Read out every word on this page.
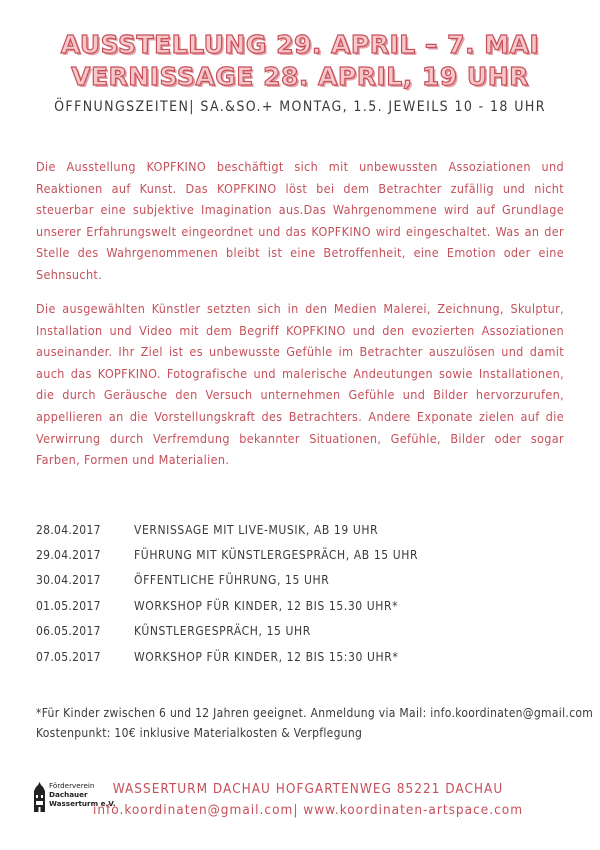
AUSSTELLUNG 29. APRIL – 7. MAI
VERNISSAGE 28. APRIL, 19 UHR
ÖFFNUNGSZEITEN| SA.&SO.+ MONTAG, 1.5. JEWEILS 10 - 18 UHR

Die Ausstellung KOPFKINO beschäftigt sich mit unbewussten Assoziationen und Reaktionen auf Kunst. Das KOPFKINO löst bei dem Betrachter zufällig und nicht steuerbar eine subjektive Imagination aus.Das Wahrgenommene wird auf Grundlage unserer Erfahrungswelt eingeordnet und das KOPFKINO wird eingeschaltet. Was an der Stelle des Wahrgenommenen bleibt ist eine Betroffenheit, eine Emotion oder eine Sehnsucht.

Die ausgewählten Künstler setzten sich in den Medien Malerei, Zeichnung, Skulptur, Installation und Video mit dem Begriff KOPFKINO und den evozierten Assoziationen auseinander. Ihr Ziel ist es unbewusste Gefühle im Betrachter auszulösen und damit auch das KOPFKINO. Fotografische und malerische Andeutungen sowie Installationen, die durch Geräusche den Versuch unternehmen Gefühle und Bilder hervorzurufen, appellieren an die Vorstellungskraft des Betrachters. Andere Exponate zielen auf die Verwirrung durch Verfremdung bekannter Situationen, Gefühle, Bilder oder sogar Farben, Formen und Materialien.

28.04.2017	VERNISSAGE MIT LIVE-MUSIK, AB 19 UHR
29.04.2017	FÜHRUNG MIT KÜNSTLERGESPRÄCH, AB 15 UHR
30.04.2017	ÖFFENTLICHE FÜHRUNG, 15 UHR
01.05.2017	WORKSHOP FÜR KINDER, 12 BIS 15.30 UHR*
06.05.2017	KÜNSTLERGESPRÄCH, 15 UHR
07.05.2017	WORKSHOP FÜR KINDER, 12 BIS 15:30 UHR*
*Für Kinder zwischen 6 und 12 Jahren geeignet. Anmeldung via Mail: info.koordinaten@gmail.com
Kostenpunkt: 10€ inklusive Materialkosten & Verpflegung
Förderverein
Dachauer
Wasserturm e.V.
WASSERTURM DACHAU HOFGARTENWEG 85221 DACHAU
info.koordinaten@gmail.com| www.koordinaten-artspace.com
